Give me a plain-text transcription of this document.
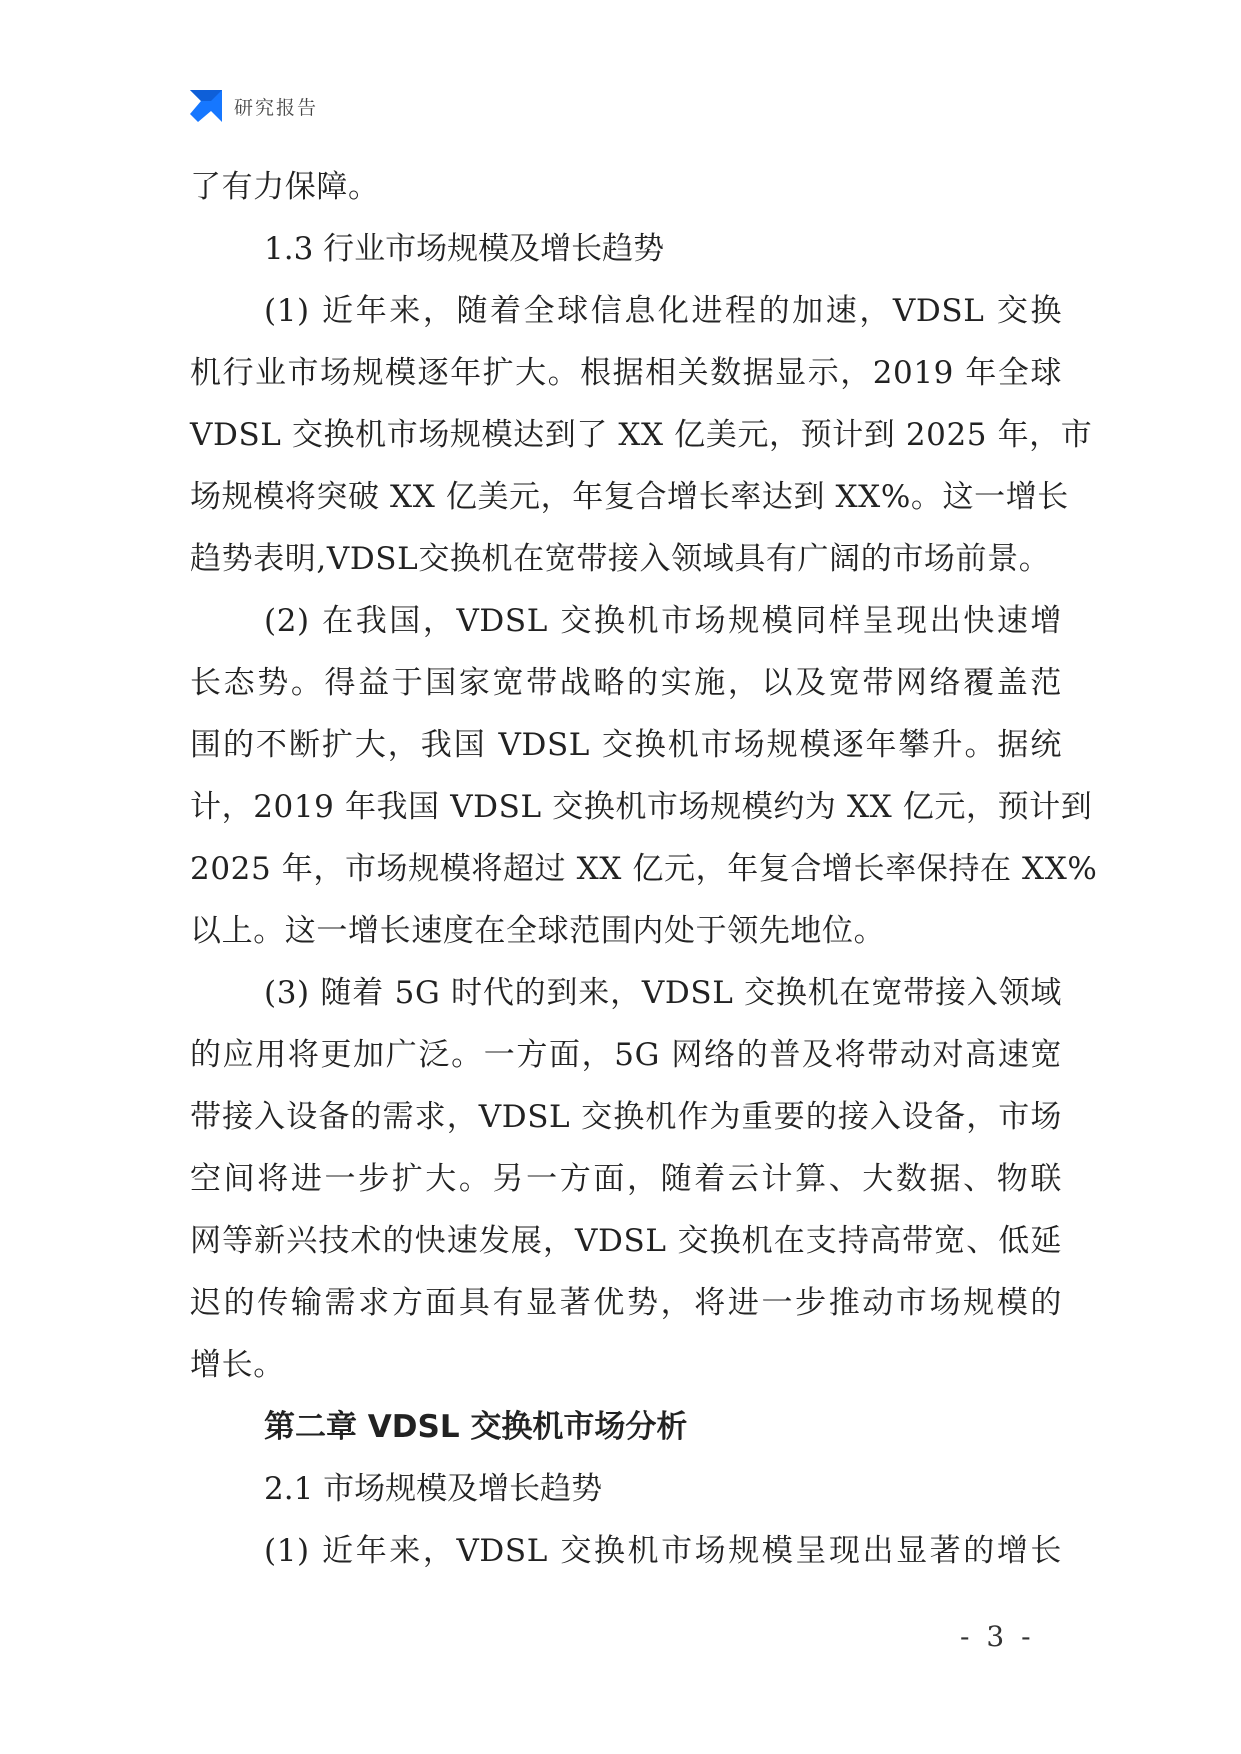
研究报告
了有力保障。
1.3 行业市场规模及增长趋势
(1) 近年来，随着全球信息化进程的加速，VDSL 交换
机行业市场规模逐年扩大。根据相关数据显示，2019 年全球
VDSL 交换机市场规模达到了 XX 亿美元，预计到 2025 年，市
场规模将突破 XX 亿美元，年复合增长率达到 XX%。这一增长
趋势表明,VDSL交换机在宽带接入领域具有广阔的市场前景。
(2) 在我国，VDSL 交换机市场规模同样呈现出快速增
长态势。得益于国家宽带战略的实施，以及宽带网络覆盖范
围的不断扩大，我国 VDSL 交换机市场规模逐年攀升。据统
计，2019 年我国 VDSL 交换机市场规模约为 XX 亿元，预计到
2025 年，市场规模将超过 XX 亿元，年复合增长率保持在 XX%
以上。这一增长速度在全球范围内处于领先地位。
(3) 随着 5G 时代的到来，VDSL 交换机在宽带接入领域
的应用将更加广泛。一方面，5G 网络的普及将带动对高速宽
带接入设备的需求，VDSL 交换机作为重要的接入设备，市场
空间将进一步扩大。另一方面，随着云计算、大数据、物联
网等新兴技术的快速发展，VDSL 交换机在支持高带宽、低延
迟的传输需求方面具有显著优势，将进一步推动市场规模的
增长。
第二章 VDSL 交换机市场分析
2.1 市场规模及增长趋势
(1) 近年来，VDSL 交换机市场规模呈现出显著的增长
- 3 -
